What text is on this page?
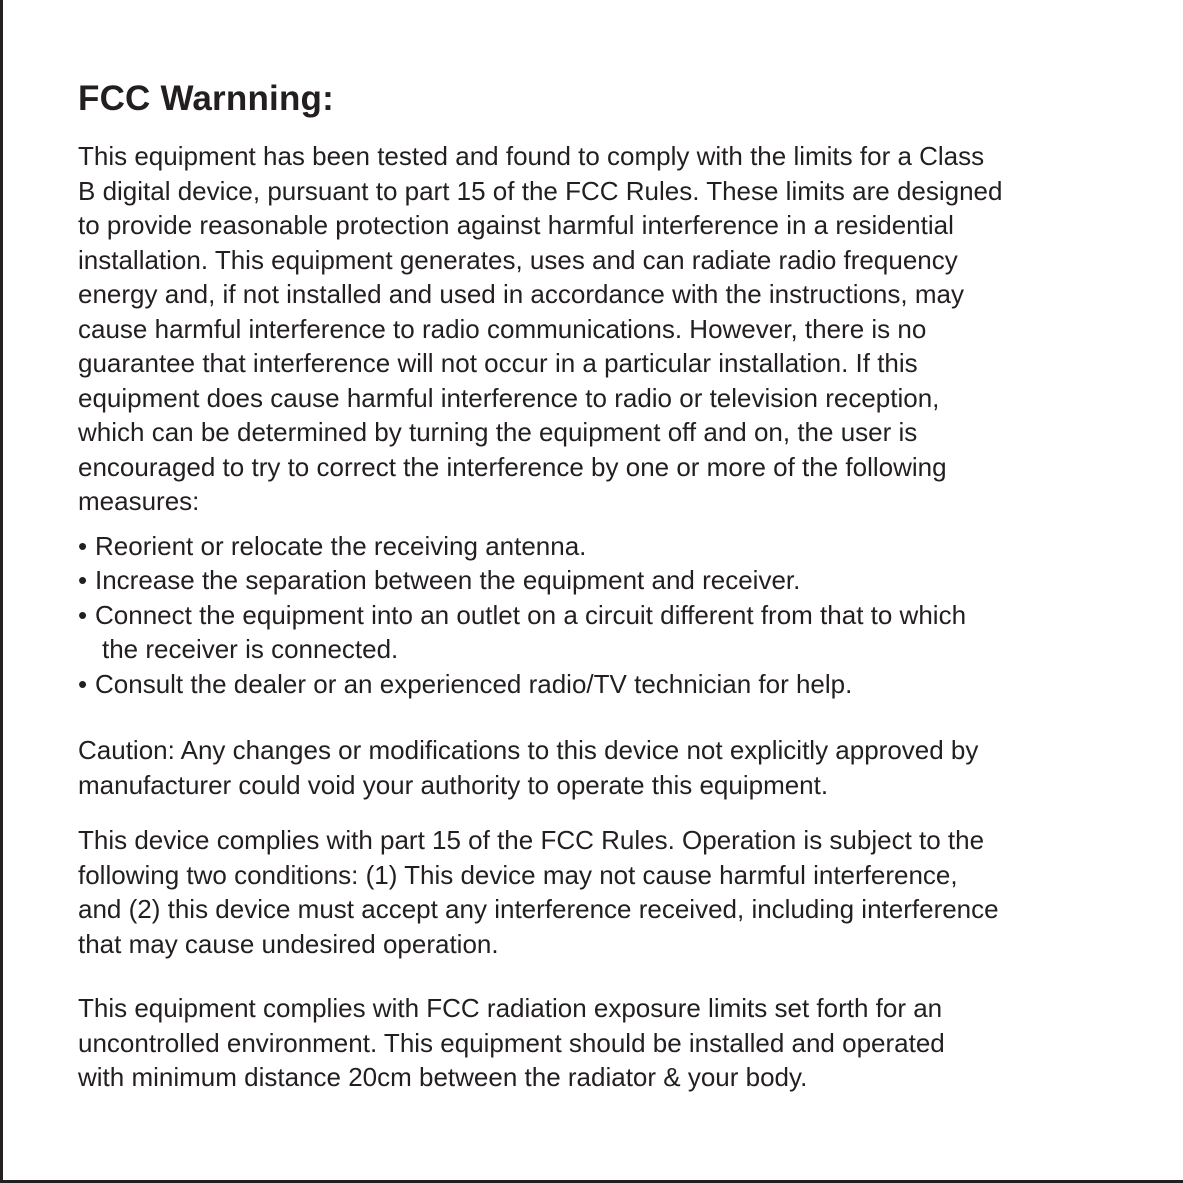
FCC Warnning:

This equipment has been tested and found to comply with the limits for a Class
B digital device, pursuant to part 15 of the FCC Rules. These limits are designed
to provide reasonable protection against harmful interference in a residential
installation. This equipment generates, uses and can radiate radio frequency
energy and, if not installed and used in accordance with the instructions, may
cause harmful interference to radio communications. However, there is no
guarantee that interference will not occur in a particular installation. If this
equipment does cause harmful interference to radio or television reception,
which can be determined by turning the equipment off and on, the user is
encouraged to try to correct the interference by one or more of the following
measures:

• Reorient or relocate the receiving antenna.
• Increase the separation between the equipment and receiver.
• Connect the equipment into an outlet on a circuit different from that to which
the receiver is connected.
• Consult the dealer or an experienced radio/TV technician for help.

Caution: Any changes or modifications to this device not explicitly approved by
manufacturer could void your authority to operate this equipment.

This device complies with part 15 of the FCC Rules. Operation is subject to the
following two conditions: (1) This device may not cause harmful interference,
and (2) this device must accept any interference received, including interference
that may cause undesired operation.

This equipment complies with FCC radiation exposure limits set forth for an
uncontrolled environment. This equipment should be installed and operated
with minimum distance 20cm between the radiator & your body.
